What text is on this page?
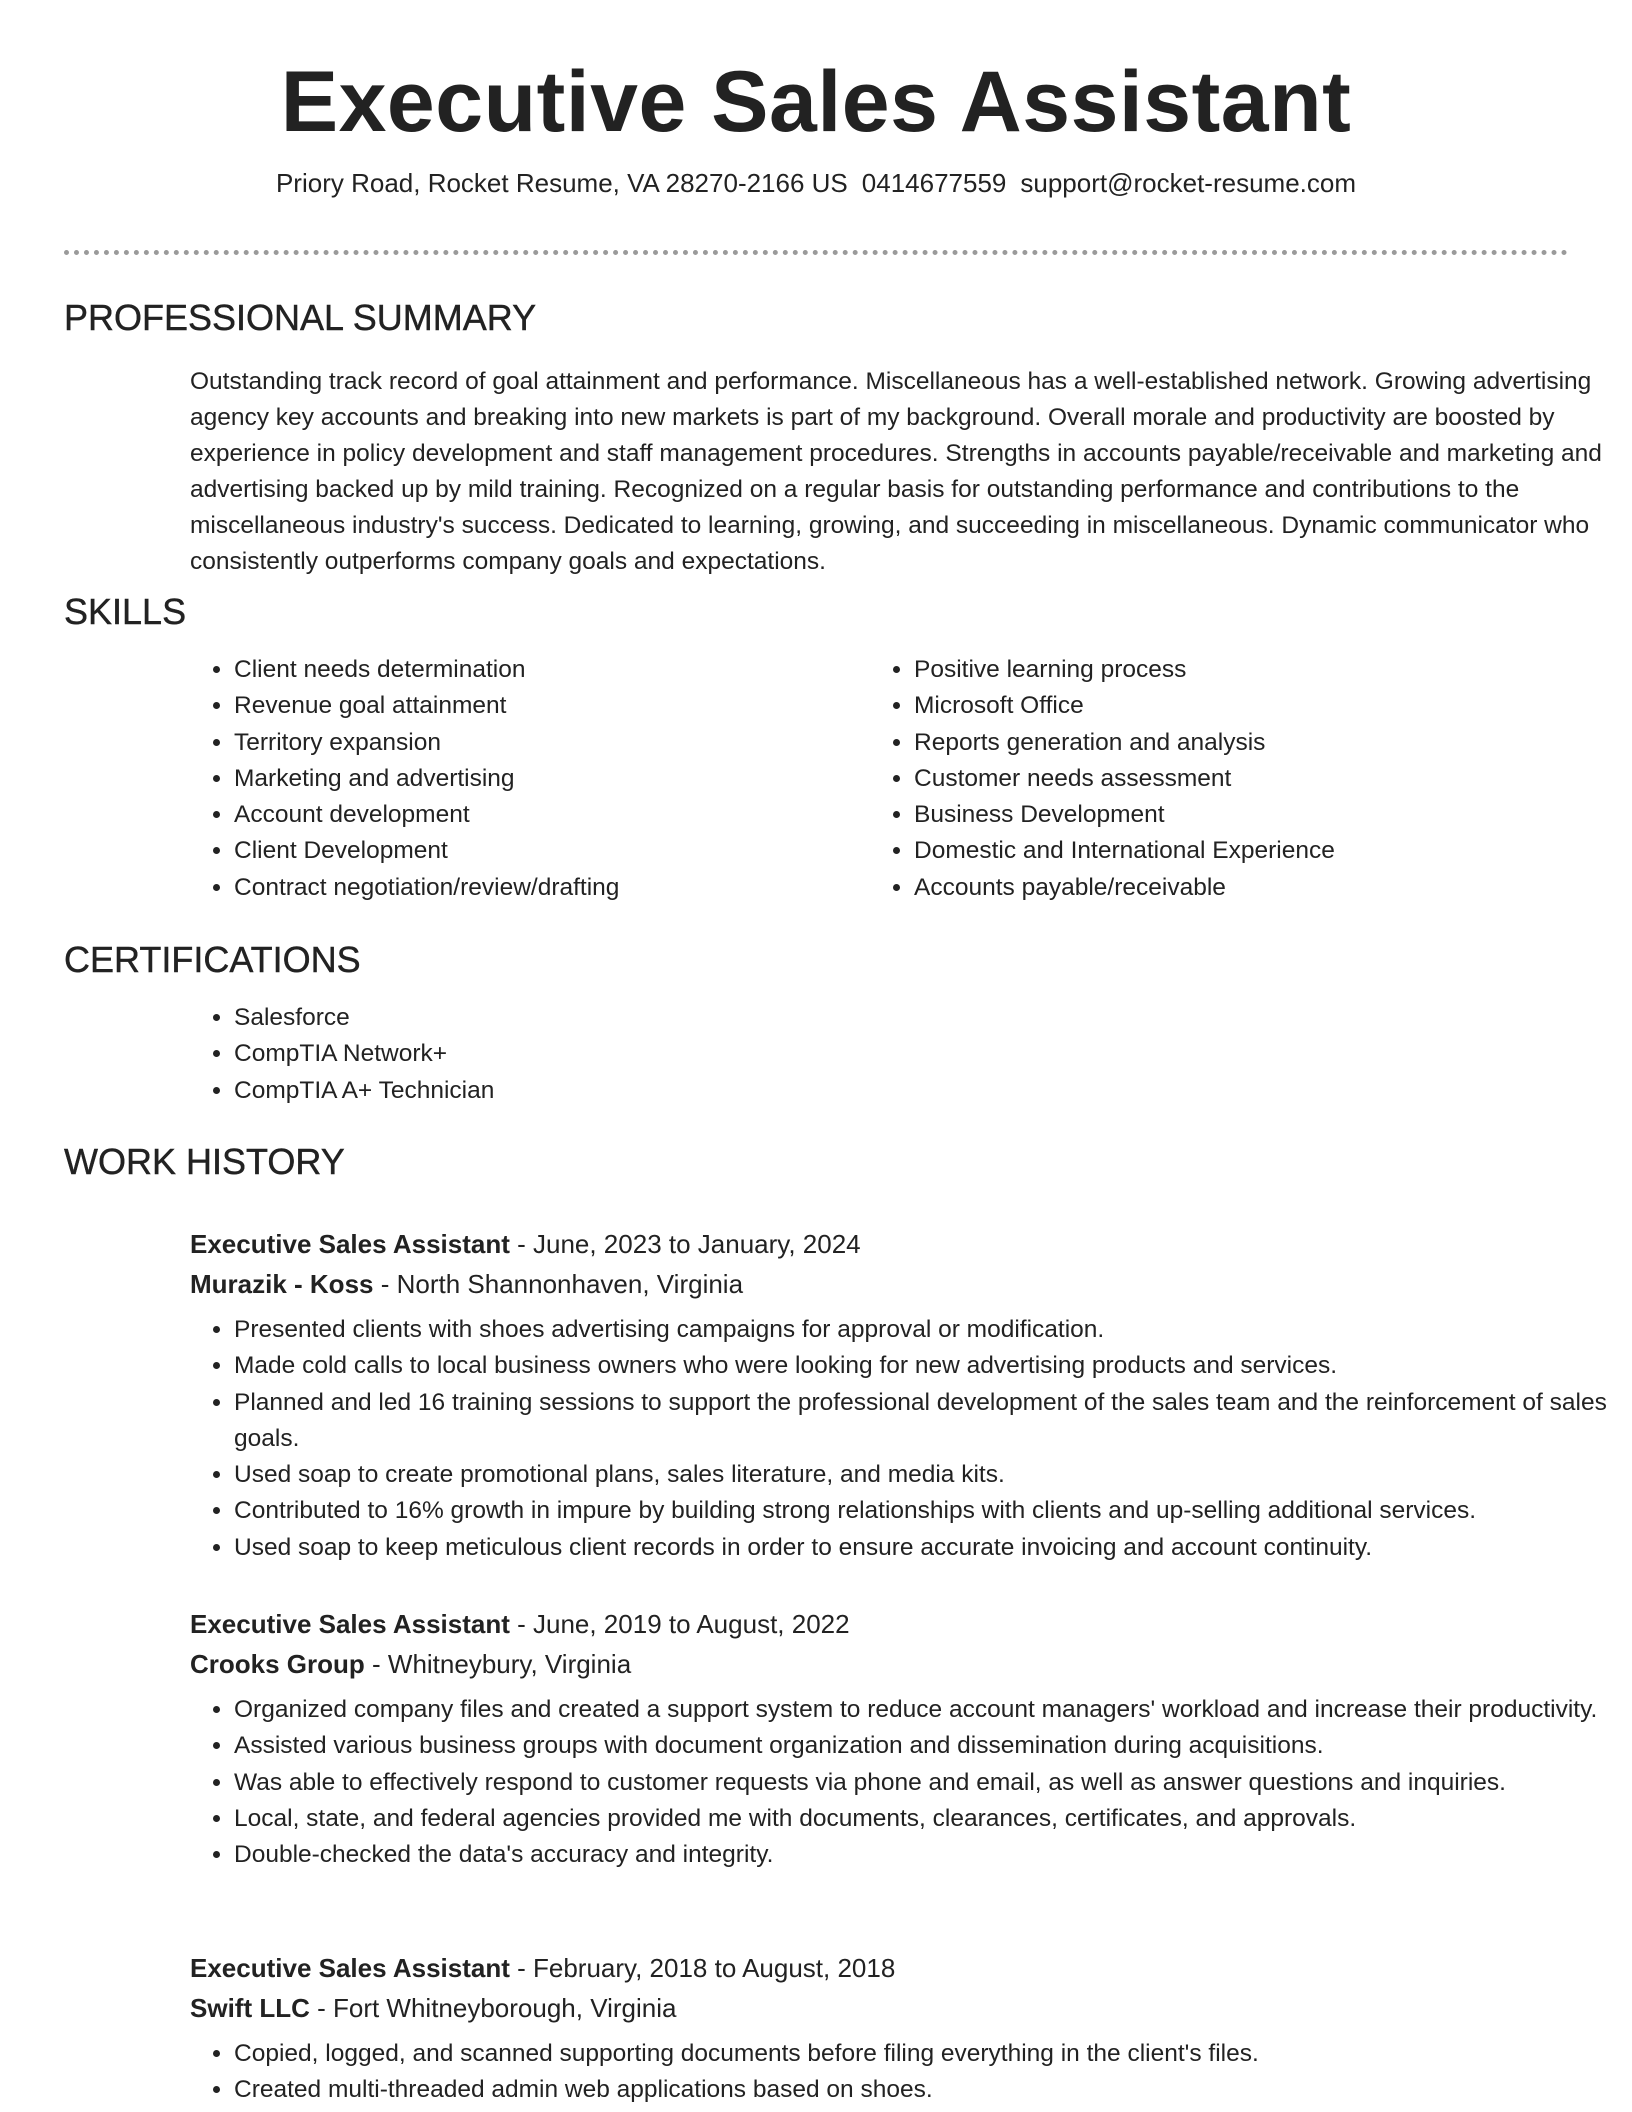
Executive Sales Assistant
Priory Road, Rocket Resume, VA 28270-2166 US 0414677559 support@rocket-resume.com
PROFESSIONAL SUMMARY

Outstanding track record of goal attainment and performance. Miscellaneous has a well-established network. Growing advertising agency key accounts and breaking into new markets is part of my background. Overall morale and productivity are boosted by experience in policy development and staff management procedures. Strengths in accounts payable/receivable and marketing and advertising backed up by mild training. Recognized on a regular basis for outstanding performance and contributions to the miscellaneous industry's success. Dedicated to learning, growing, and succeeding in miscellaneous. Dynamic communicator who consistently outperforms company goals and expectations.

SKILLS
• Client needs determination
• Revenue goal attainment
• Territory expansion
• Marketing and advertising
• Account development
• Client Development
• Contract negotiation/review/drafting
• Positive learning process
• Microsoft Office
• Reports generation and analysis
• Customer needs assessment
• Business Development
• Domestic and International Experience
• Accounts payable/receivable
CERTIFICATIONS
• Salesforce
• CompTIA Network+
• CompTIA A+ Technician
WORK HISTORY

Executive Sales Assistant - June, 2023 to January, 2024

Murazik - Koss - North Shannonhaven, Virginia

• Presented clients with shoes advertising campaigns for approval or modification.
• Made cold calls to local business owners who were looking for new advertising products and services.
• Planned and led 16 training sessions to support the professional development of the sales team and the reinforcement of sales goals.
• Used soap to create promotional plans, sales literature, and media kits.
• Contributed to 16% growth in impure by building strong relationships with clients and up-selling additional services.
• Used soap to keep meticulous client records in order to ensure accurate invoicing and account continuity.

Executive Sales Assistant - June, 2019 to August, 2022

Crooks Group - Whitneybury, Virginia

• Organized company files and created a support system to reduce account managers' workload and increase their productivity.
• Assisted various business groups with document organization and dissemination during acquisitions.
• Was able to effectively respond to customer requests via phone and email, as well as answer questions and inquiries.
• Local, state, and federal agencies provided me with documents, clearances, certificates, and approvals.
• Double-checked the data's accuracy and integrity.

Executive Sales Assistant - February, 2018 to August, 2018

Swift LLC - Fort Whitneyborough, Virginia

• Copied, logged, and scanned supporting documents before filing everything in the client's files.
• Created multi-threaded admin web applications based on shoes.
